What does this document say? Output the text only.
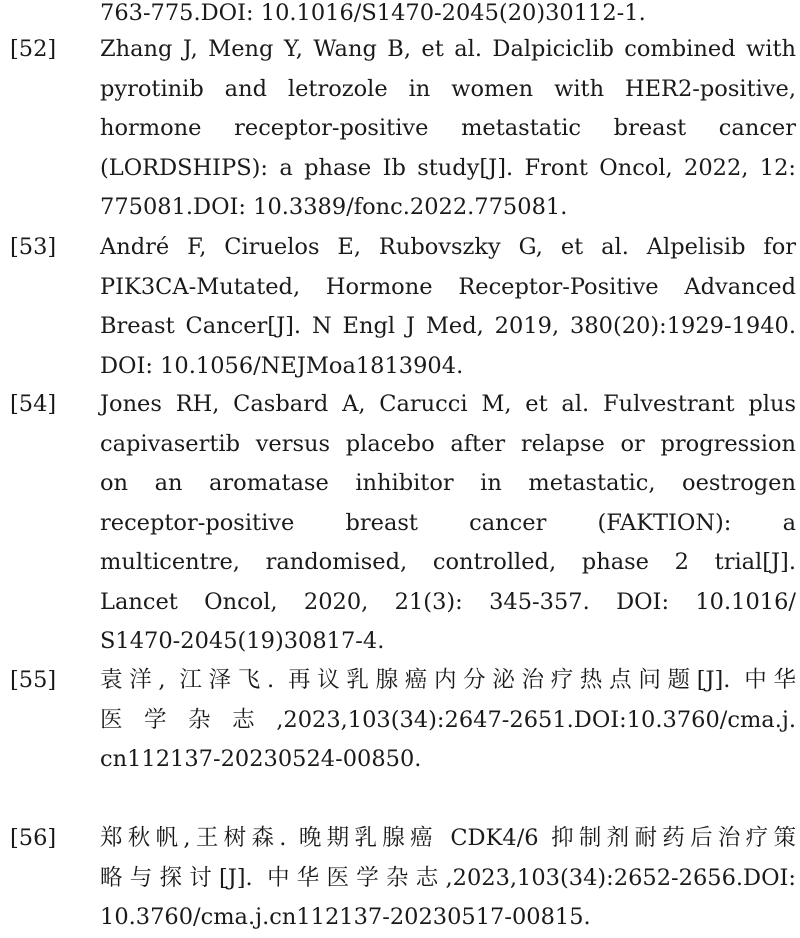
763-775.DOI: 10.1016/S1470-2045(20)30112-1.
[52] Zhang J, Meng Y, Wang B, et al. Dalpiciclib combined with
pyrotinib and letrozole in women with HER2-positive,
hormone receptor-positive metastatic breast cancer
(LORDSHIPS): a phase Ib study[J]. Front Oncol, 2022, 12:
775081.DOI: 10.3389/fonc.2022.775081.
[53] André F, Ciruelos E, Rubovszky G, et al. Alpelisib for
PIK3CA-Mutated, Hormone Receptor-Positive Advanced
Breast Cancer[J]. N Engl J Med, 2019, 380(20):1929-1940.
DOI: 10.1056/NEJMoa1813904.
[54] Jones RH, Casbard A, Carucci M, et al. Fulvestrant plus
capivasertib versus placebo after relapse or progression
on an aromatase inhibitor in metastatic, oestrogen
receptor-positive breast cancer (FAKTION): a
multicentre, randomised, controlled, phase 2 trial[J].
Lancet Oncol, 2020, 21(3): 345-357. DOI: 10.1016/
S1470-2045(19)30817-4.
[55] 袁洋, 江泽飞. 再议乳腺癌内分泌治疗热点问题[J]. 中华
医学杂志,2023,103(34):2647-2651.DOI:10.3760/cma.j.
cn112137-20230524-00850.
[56] 郑秋帆,王树森. 晚期乳腺癌 CDK4/6 抑制剂耐药后治疗策
略与探讨[J]. 中华医学杂志,2023,103(34):2652-2656.DOI:
10.3760/cma.j.cn112137-20230517-00815.
